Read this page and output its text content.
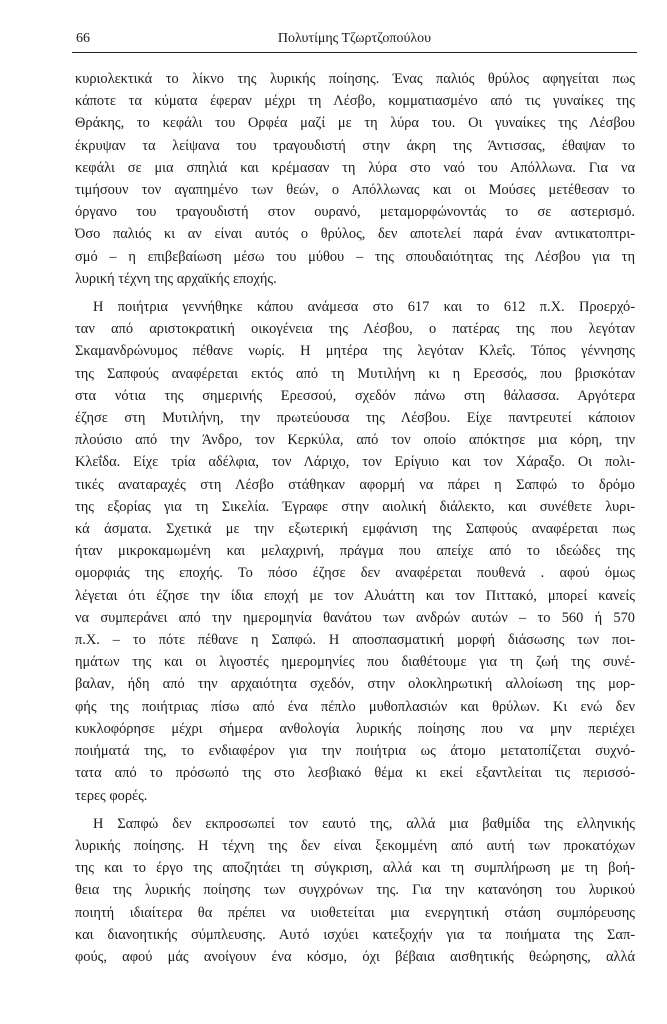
66	Πολυτίμης Τζωρτζοπούλου
κυριολεκτικά το λίκνο της λυρικής ποίησης. Ένας παλιός θρύλος αφηγείται πως
κάποτε τα κύματα έφεραν μέχρι τη Λέσβο, κομματιασμένο από τις γυναίκες της
Θράκης, το κεφάλι του Ορφέα μαζί με τη λύρα του. Οι γυναίκες της Λέσβου
έκρυψαν τα λείψανα του τραγουδιστή στην άκρη της Άντισσας, έθαψαν το
κεφάλι σε μια σπηλιά και κρέμασαν τη λύρα στο ναό του Απόλλωνα. Για να
τιμήσουν τον αγαπημένο των θεών, ο Απόλλωνας και οι Μούσες μετέθεσαν το
όργανο του τραγουδιστή στον ουρανό, μεταμορφώνοντάς το σε αστερισμό.
Όσο παλιός κι αν είναι αυτός ο θρύλος, δεν αποτελεί παρά έναν αντικατοπτρι-
σμό – η επιβεβαίωση μέσω του μύθου – της σπουδαιότητας της Λέσβου για τη
λυρική τέχνη της αρχαϊκής εποχής.
Η ποιήτρια γεννήθηκε κάπου ανάμεσα στο 617 και το 612 π.Χ. Προερχό-
ταν από αριστοκρατική οικογένεια της Λέσβου, ο πατέρας της που λεγόταν
Σκαμανδρώνυμος πέθανε νωρίς. Η μητέρα της λεγόταν Κλεΐς. Τόπος γέννησης
της Σαπφούς αναφέρεται εκτός από τη Μυτιλήνη κι η Ερεσσός, που βρισκόταν
στα νότια της σημερινής Ερεσσού, σχεδόν πάνω στη θάλασσα. Αργότερα
έζησε στη Μυτιλήνη, την πρωτεύουσα της Λέσβου. Είχε παντρευτεί κάποιον
πλούσιο από την Άνδρο, τον Κερκύλα, από τον οποίο απόκτησε μια κόρη, την
Κλεΐδα. Είχε τρία αδέλφια, τον Λάριχο, τον Ερίγυιο και τον Χάραξο. Οι πολι-
τικές αναταραχές στη Λέσβο στάθηκαν αφορμή να πάρει η Σαπφώ το δρόμο
της εξορίας για τη Σικελία. Έγραφε στην αιολική διάλεκτο, και συνέθετε λυρι-
κά άσματα. Σχετικά με την εξωτερική εμφάνιση της Σαπφούς αναφέρεται πως
ήταν μικροκαμωμένη και μελαχρινή, πράγμα που απείχε από το ιδεώδες της
ομορφιάς της εποχής. Το πόσο έζησε δεν αναφέρεται πουθενά . αφού όμως
λέγεται ότι έζησε την ίδια εποχή με τον Αλυάττη και τον Πιττακό, μπορεί κανείς
να συμπεράνει από την ημερομηνία θανάτου των ανδρών αυτών – το 560 ή 570
π.Χ. – το πότε πέθανε η Σαπφώ. Η αποσπασματική μορφή διάσωσης των ποι-
ημάτων της και οι λιγοστές ημερομηνίες που διαθέτουμε για τη ζωή της συνέ-
βαλαν, ήδη από την αρχαιότητα σχεδόν, στην ολοκληρωτική αλλοίωση της μορ-
φής της ποιήτριας πίσω από ένα πέπλο μυθοπλασιών και θρύλων. Κι ενώ δεν
κυκλοφόρησε μέχρι σήμερα ανθολογία λυρικής ποίησης που να μην περιέχει
ποιήματά της, το ενδιαφέρον για την ποιήτρια ως άτομο μετατοπίζεται συχνό-
τατα από το πρόσωπό της στο λεσβιακό θέμα κι εκεί εξαντλείται τις περισσό-
τερες φορές.
Η Σαπφώ δεν εκπροσωπεί τον εαυτό της, αλλά μια βαθμίδα της ελληνικής
λυρικής ποίησης. Η τέχνη της δεν είναι ξεκομμένη από αυτή των προκατόχων
της και το έργο της αποζητάει τη σύγκριση, αλλά και τη συμπλήρωση με τη βοή-
θεια της λυρικής ποίησης των συγχρόνων της. Για την κατανόηση του λυρικού
ποιητή ιδιαίτερα θα πρέπει να υιοθετείται μια ενεργητική στάση συμπόρευσης
και διανοητικής σύμπλευσης. Αυτό ισχύει κατεξοχήν για τα ποιήματα της Σαπ-
φούς, αφού μάς ανοίγουν ένα κόσμο, όχι βέβαια αισθητικής θεώρησης, αλλά
